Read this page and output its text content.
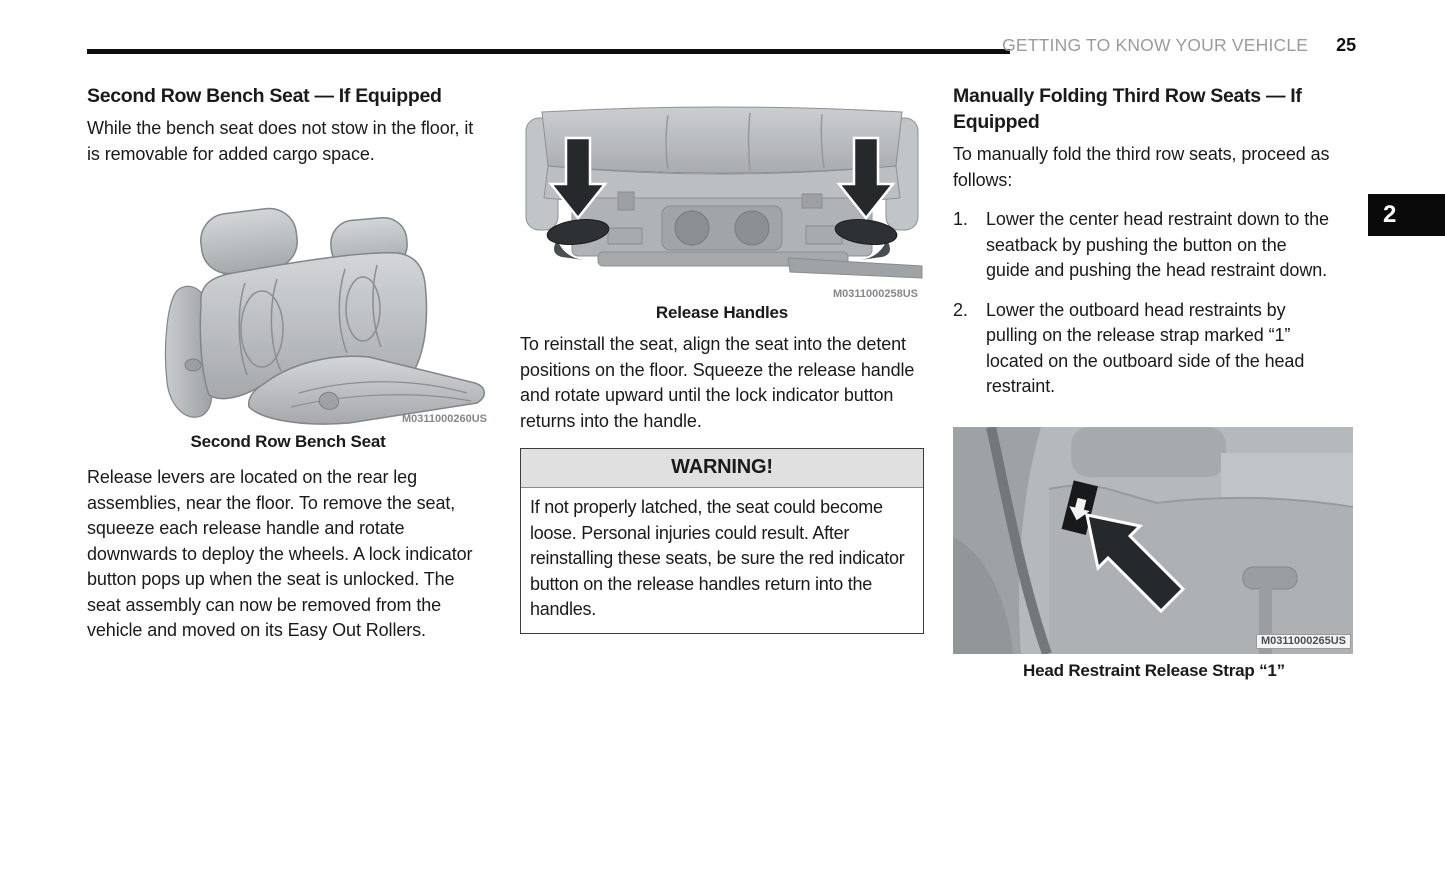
GETTING TO KNOW YOUR VEHICLE 25
2
Second Row Bench Seat — If Equipped

While the bench seat does not stow in the floor, it is removable for added cargo space.

M0311000260US
Second Row Bench Seat

Release levers are located on the rear leg assemblies, near the floor. To remove the seat, squeeze each release handle and rotate downwards to deploy the wheels. A lock indicator button pops up when the seat is unlocked. The seat assembly can now be removed from the vehicle and moved on its Easy Out Rollers.

M0311000258US
Release Handles

To reinstall the seat, align the seat into the detent positions on the floor. Squeeze the release handle and rotate upward until the lock indicator button returns into the handle.

WARNING!
If not properly latched, the seat could become loose. Personal injuries could result. After reinstalling these seats, be sure the red indicator button on the release handles return into the handles.
Manually Folding Third Row Seats — If Equipped

To manually fold the third row seats, proceed as follows:

1.	Lower the center head restraint down to the seatback by pushing the button on the guide and pushing the head restraint down.
2.	Lower the outboard head restraints by pulling on the release strap marked “1” located on the outboard side of the head restraint.
M0311000265US
Head Restraint Release Strap “1”
